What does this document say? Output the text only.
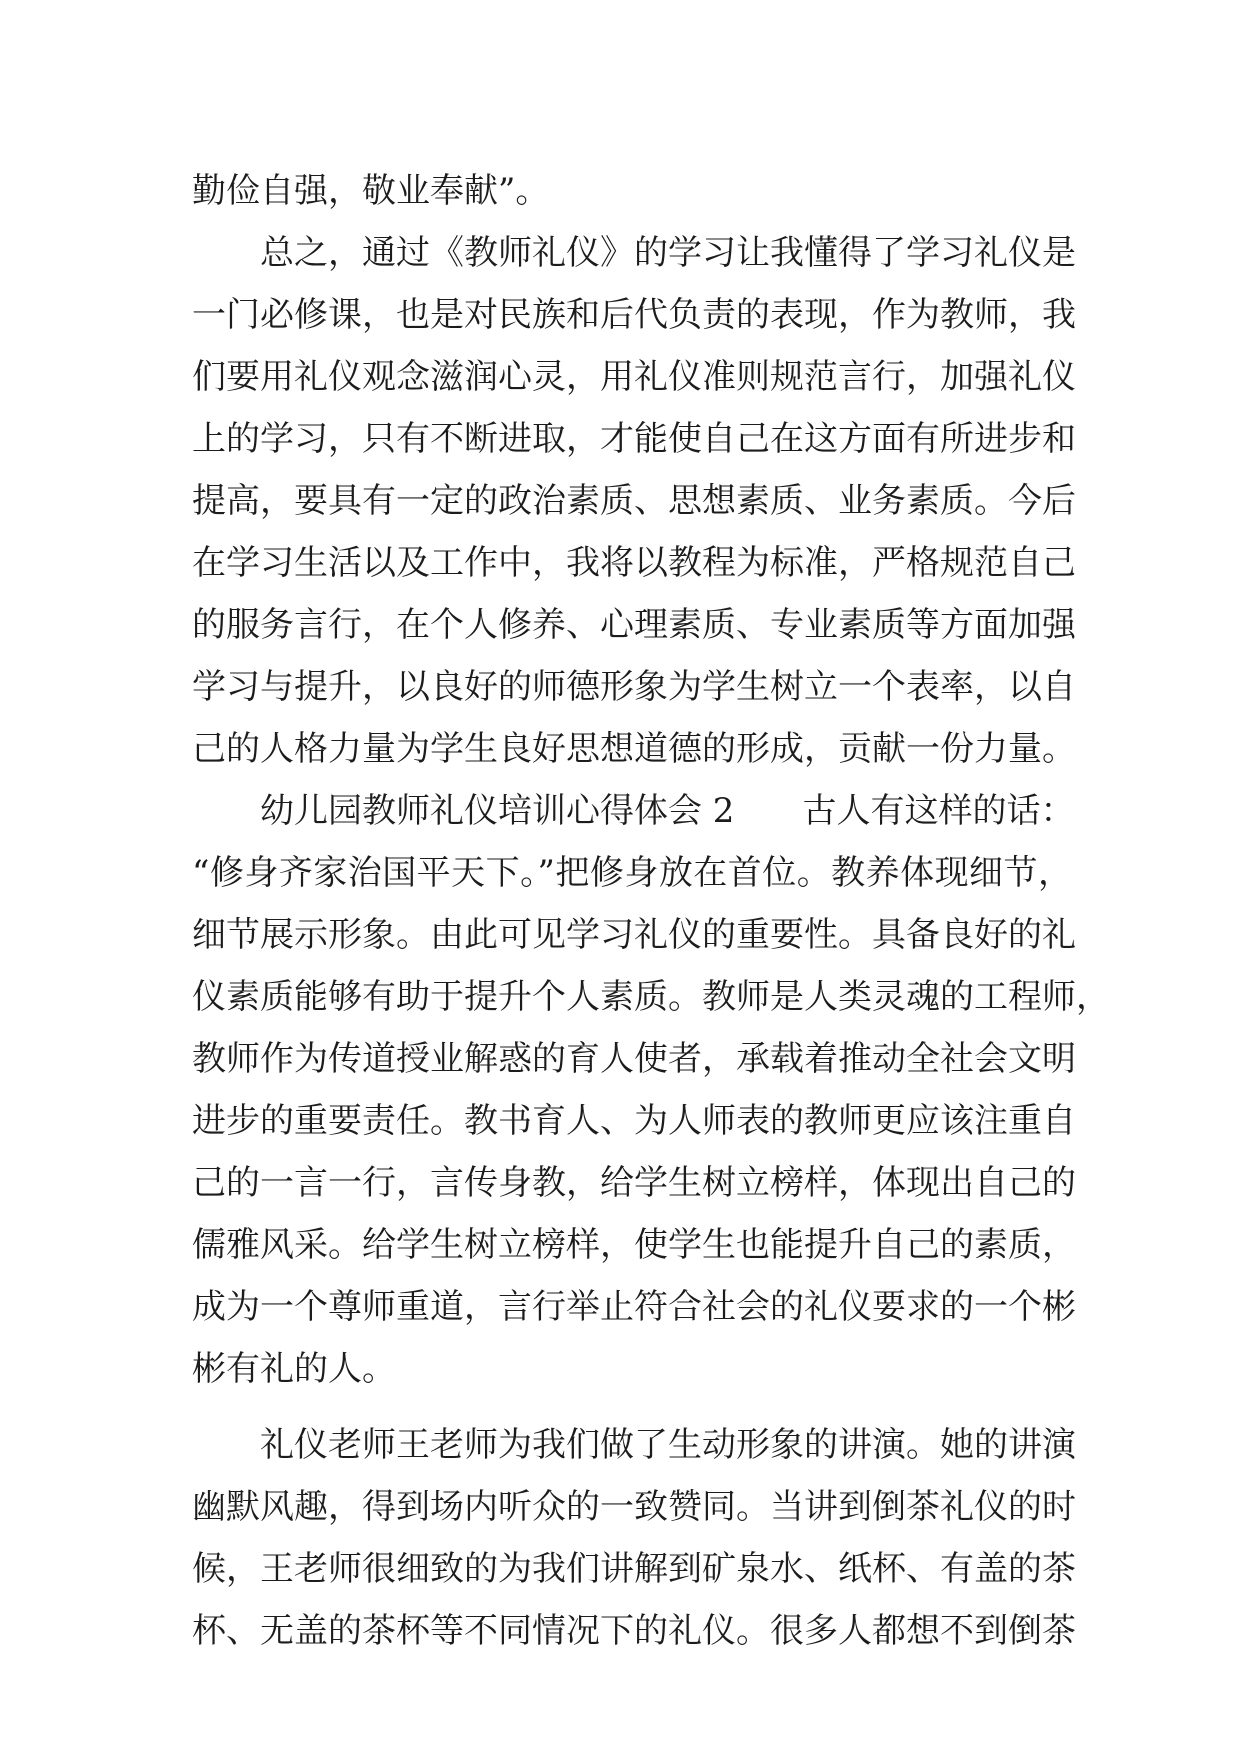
勤俭自强，敬业奉献”。
　　总之，通过《教师礼仪》的学习让我懂得了学习礼仪是
一门必修课，也是对民族和后代负责的表现，作为教师，我
们要用礼仪观念滋润心灵，用礼仪准则规范言行，加强礼仪
上的学习，只有不断进取，才能使自己在这方面有所进步和
提高，要具有一定的政治素质、思想素质、业务素质。今后
在学习生活以及工作中，我将以教程为标准，严格规范自己
的服务言行，在个人修养、心理素质、专业素质等方面加强
学习与提升，以良好的师德形象为学生树立一个表率，以自
己的人格力量为学生良好思想道德的形成，贡献一份力量。
　　幼儿园教师礼仪培训心得体会 2　　古人有这样的话：
“修身齐家治国平天下。”把修身放在首位。教养体现细节，
细节展示形象。由此可见学习礼仪的重要性。具备良好的礼
仪素质能够有助于提升个人素质。教师是人类灵魂的工程师，
教师作为传道授业解惑的育人使者，承载着推动全社会文明
进步的重要责任。教书育人、为人师表的教师更应该注重自
己的一言一行，言传身教，给学生树立榜样，体现出自己的
儒雅风采。给学生树立榜样，使学生也能提升自己的素质，
成为一个尊师重道，言行举止符合社会的礼仪要求的一个彬
彬有礼的人。
　　礼仪老师王老师为我们做了生动形象的讲演。她的讲演
幽默风趣，得到场内听众的一致赞同。当讲到倒茶礼仪的时
候，王老师很细致的为我们讲解到矿泉水、纸杯、有盖的茶
杯、无盖的茶杯等不同情况下的礼仪。很多人都想不到倒茶
